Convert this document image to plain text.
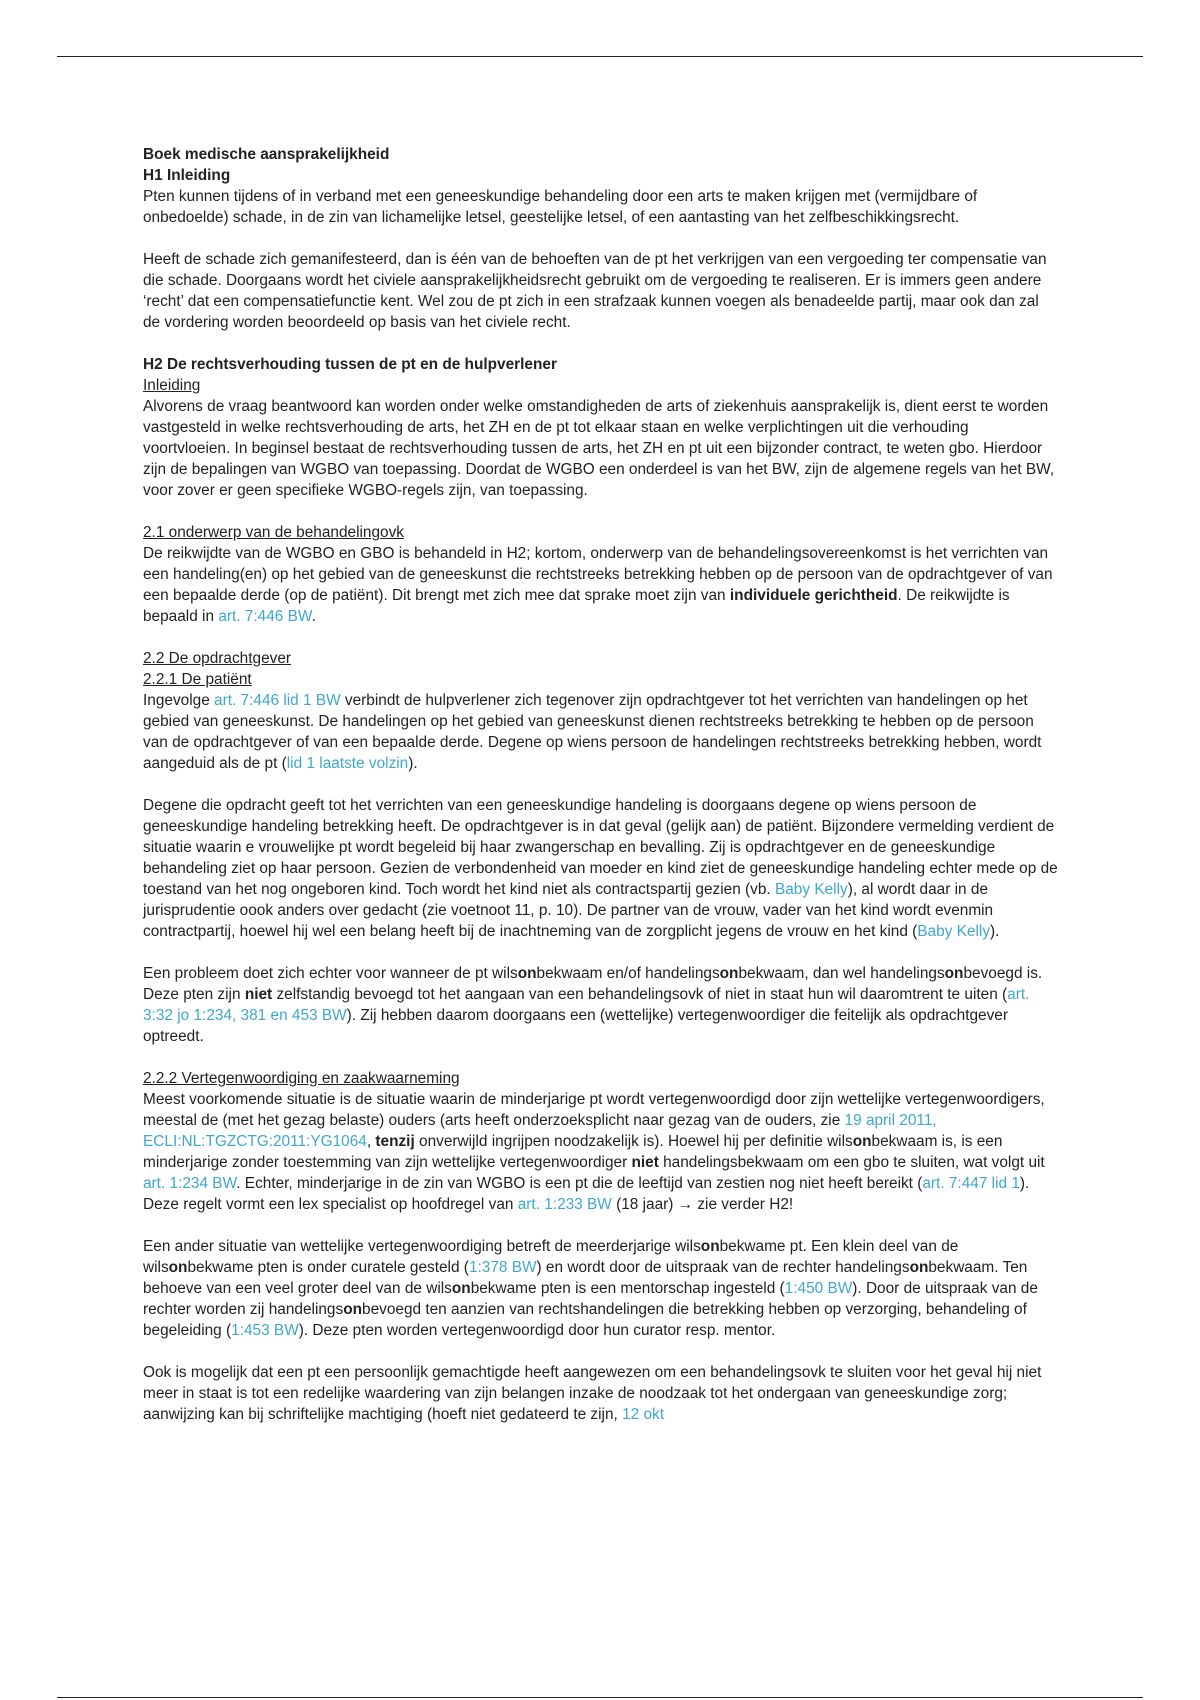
Boek medische aansprakelijkheid

H1 Inleiding

Pten kunnen tijdens of in verband met een geneeskundige behandeling door een arts te maken krijgen met (vermijdbare of onbedoelde) schade, in de zin van lichamelijke letsel, geestelijke letsel, of een aantasting van het zelfbeschikkingsrecht.

Heeft de schade zich gemanifesteerd, dan is één van de behoeften van de pt het verkrijgen van een vergoeding ter compensatie van die schade. Doorgaans wordt het civiele aansprakelijkheidsrecht gebruikt om de vergoeding te realiseren. Er is immers geen andere ‘recht’ dat een compensatiefunctie kent. Wel zou de pt zich in een strafzaak kunnen voegen als benadeelde partij, maar ook dan zal de vordering worden beoordeeld op basis van het civiele recht.

H2 De rechtsverhouding tussen de pt en de hulpverlener

Inleiding

Alvorens de vraag beantwoord kan worden onder welke omstandigheden de arts of ziekenhuis aansprakelijk is, dient eerst te worden vastgesteld in welke rechtsverhouding de arts, het ZH en de pt tot elkaar staan en welke verplichtingen uit die verhouding voortvloeien. In beginsel bestaat de rechtsverhouding tussen de arts, het ZH en pt uit een bijzonder contract, te weten gbo. Hierdoor zijn de bepalingen van WGBO van toepassing. Doordat de WGBO een onderdeel is van het BW, zijn de algemene regels van het BW, voor zover er geen specifieke WGBO-regels zijn, van toepassing.

2.1 onderwerp van de behandelingovk

De reikwijdte van de WGBO en GBO is behandeld in H2; kortom, onderwerp van de behandelingsovereenkomst is het verrichten van een handeling(en) op het gebied van de geneeskunst die rechtstreeks betrekking hebben op de persoon van de opdrachtgever of van een bepaalde derde (op de patiënt). Dit brengt met zich mee dat sprake moet zijn van individuele gerichtheid. De reikwijdte is bepaald in art. 7:446 BW.

2.2 De opdrachtgever

2.2.1 De patiënt

Ingevolge art. 7:446 lid 1 BW verbindt de hulpverlener zich tegenover zijn opdrachtgever tot het verrichten van handelingen op het gebied van geneeskunst. De handelingen op het gebied van geneeskunst dienen rechtstreeks betrekking te hebben op de persoon van de opdrachtgever of van een bepaalde derde. Degene op wiens persoon de handelingen rechtstreeks betrekking hebben, wordt aangeduid als de pt (lid 1 laatste volzin).

Degene die opdracht geeft tot het verrichten van een geneeskundige handeling is doorgaans degene op wiens persoon de geneeskundige handeling betrekking heeft. De opdrachtgever is in dat geval (gelijk aan) de patiënt. Bijzondere vermelding verdient de situatie waarin e vrouwelijke pt wordt begeleid bij haar zwangerschap en bevalling. Zij is opdrachtgever en de geneeskundige behandeling ziet op haar persoon. Gezien de verbondenheid van moeder en kind ziet de geneeskundige handeling echter mede op de toestand van het nog ongeboren kind. Toch wordt het kind niet als contractspartij gezien (vb. Baby Kelly), al wordt daar in de jurisprudentie oook anders over gedacht (zie voetnoot 11, p. 10). De partner van de vrouw, vader van het kind wordt evenmin contractpartij, hoewel hij wel een belang heeft bij de inachtneming van de zorgplicht jegens de vrouw en het kind (Baby Kelly).

Een probleem doet zich echter voor wanneer de pt wilsonbekwaam en/of handelingsonbekwaam, dan wel handelingsonbevoegd is. Deze pten zijn niet zelfstandig bevoegd tot het aangaan van een behandelingsovk of niet in staat hun wil daaromtrent te uiten (art. 3:32 jo 1:234, 381 en 453 BW). Zij hebben daarom doorgaans een (wettelijke) vertegenwoordiger die feitelijk als opdrachtgever optreedt.

2.2.2 Vertegenwoordiging en zaakwaarneming

Meest voorkomende situatie is de situatie waarin de minderjarige pt wordt vertegenwoordigd door zijn wettelijke vertegenwoordigers, meestal de (met het gezag belaste) ouders (arts heeft onderzoeksplicht naar gezag van de ouders, zie 19 april 2011, ECLI:NL:TGZCTG:2011:YG1064, tenzij onverwijld ingrijpen noodzakelijk is). Hoewel hij per definitie wilsonbekwaam is, is een minderjarige zonder toestemming van zijn wettelijke vertegenwoordiger niet handelingsbekwaam om een gbo te sluiten, wat volgt uit art. 1:234 BW. Echter, minderjarige in de zin van WGBO is een pt die de leeftijd van zestien nog niet heeft bereikt (art. 7:447 lid 1). Deze regelt vormt een lex specialist op hoofdregel van art. 1:233 BW (18 jaar) → zie verder H2!

Een ander situatie van wettelijke vertegenwoordiging betreft de meerderjarige wilsonbekwame pt. Een klein deel van de wilsonbekwame pten is onder curatele gesteld (1:378 BW) en wordt door de uitspraak van de rechter handelingsonbekwaam. Ten behoeve van een veel groter deel van de wilsonbekwame pten is een mentorschap ingesteld (1:450 BW). Door de uitspraak van de rechter worden zij handelingsonbevoegd ten aanzien van rechtshandelingen die betrekking hebben op verzorging, behandeling of begeleiding (1:453 BW). Deze pten worden vertegenwoordigd door hun curator resp. mentor.

Ook is mogelijk dat een pt een persoonlijk gemachtigde heeft aangewezen om een behandelingsovk te sluiten voor het geval hij niet meer in staat is tot een redelijke waardering van zijn belangen inzake de noodzaak tot het ondergaan van geneeskundige zorg; aanwijzing kan bij schriftelijke machtiging (hoeft niet gedateerd te zijn, 12 okt
